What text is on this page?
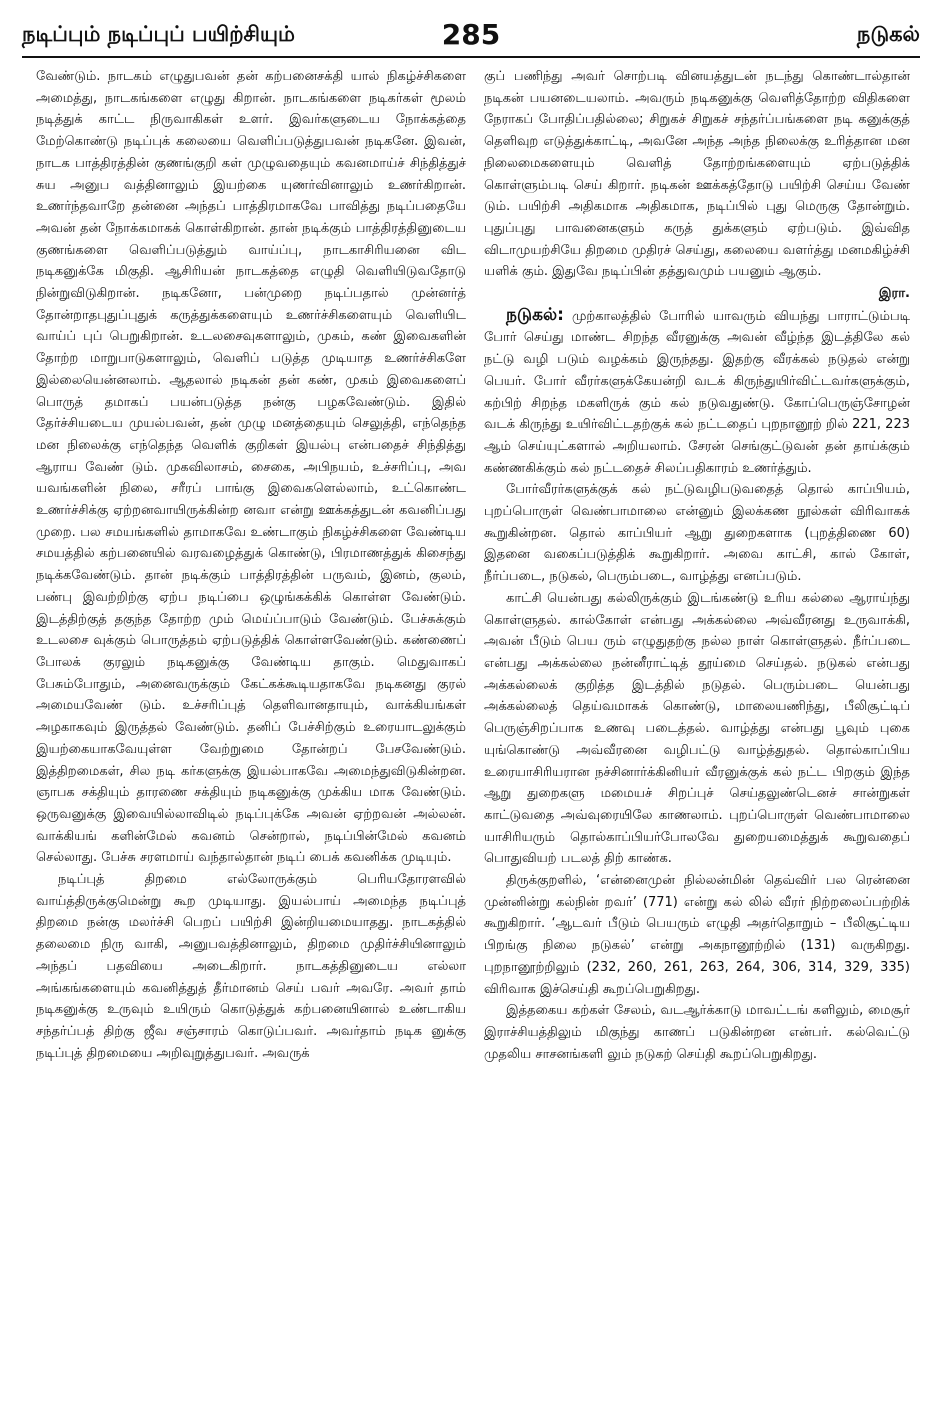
நடிப்பும் நடிப்புப் பயிற்சியும்	285	நடுகல்

வேண்டும். நாடகம் எழுதுபவன் தன் கற்பனைசக்தி யால் நிகழ்ச்சிகளை அமைத்து, நாடகங்களை எழுது கிறான். நாடகங்களை நடிகர்கள் மூலம் நடித்துக் காட்ட நிருவாகிகள் உளர். இவர்களுடைய நோக்கத்தை மேற்கொண்டு நடிப்புக் கலையை வெளிப்படுத்துபவன் நடிகனே. இவன், நாடக பாத்திரத்தின் குணங்குறி கள் முழுவதையும் கவனமாய்ச் சிந்தித்துச் சுய அனுப வத்தினாலும் இயற்கை யுணர்வினாலும் உணர்கிறான். உணர்ந்தவாறே தன்னை அந்தப் பாத்திரமாகவே பாவித்து நடிப்பதையே அவன் தன் நோக்கமாகக் கொள்கிறான். தான் நடிக்கும் பாத்திரத்தினுடைய குணங்களை வெளிப்படுத்தும் வாய்ப்பு, நாடகாசிரியனை விட நடிகனுக்கே மிகுதி. ஆசிரியன் நாடகத்தை எழுதி வெளியிடுவதோடு நின்றுவிடுகிறான். நடிகனோ, பன்முறை நடிப்பதால் முன்னர்த் தோன்றாதபுதுப்புதுக் கருத்துக்களையும் உணர்ச்சிகளையும் வெளியிட வாய்ப் புப் பெறுகிறான். உடலசைவுகளாலும், முகம், கண் இவைகளின் தோற்ற மாறுபாடுகளாலும், வெளிப் படுத்த முடியாத உணர்ச்சிகளே இல்லையென்னலாம். ஆதலால் நடிகன் தன் கண், முகம் இவைகளைப் பொருத் தமாகப் பயன்படுத்த நன்கு பழகவேண்டும். இதில் தேர்ச்சியடைய முயல்பவன், தன் முழு மனத்தையும் செலுத்தி, எந்தெந்த மன நிலைக்கு எந்தெந்த வெளிக் குறிகள் இயல்பு என்பதைச் சிந்தித்து ஆராய வேண் டும். முகவிலாசம், சைகை, அபிநயம், உச்சரிப்பு, அவ யவங்களின் நிலை, சரீரப் பாங்கு இவைகளெல்லாம், உட்கொண்ட உணர்ச்சிக்கு ஏற்றனவாயிருக்கின்ற னவா என்று ஊக்கத்துடன் கவனிப்பது முறை. பல சமயங்களில் தாமாகவே உண்டாகும் நிகழ்ச்சிகளை வேண்டிய சமயத்தில் கற்பனையில் வரவழைத்துக் கொண்டு, பிரமாணத்துக் கிசைந்து நடிக்கவேண்டும். தான் நடிக்கும் பாத்திரத்தின் பருவம், இனம், குலம், பண்பு இவற்றிற்கு ஏற்ப நடிப்பை ஒழுங்கக்கிக் கொள்ள வேண்டும். இடத்திற்குத் தகுந்த தோற்ற மும் மெய்ப்பாடும் வேண்டும். பேச்சுக்கும் உடலசை வுக்கும் பொருத்தம் ஏற்படுத்திக் கொள்ளவேண்டும். கண்ணைப் போலக் குரலும் நடிகனுக்கு வேண்டிய தாகும். மெதுவாகப் பேசும்போதும், அனைவருக்கும் கேட்கக்கூடியதாகவே நடிகனது குரல் அமையவேண் டும். உச்சரிப்புத் தெளிவானதாயும், வாக்கியங்கள் அழகாகவும் இருத்தல் வேண்டும். தனிப் பேச்சிற்கும் உரையாடலுக்கும் இயற்கையாகவேயுள்ள வேற்றுமை தோன்றப் பேசவேண்டும். இத்திறமைகள், சில நடி கர்களுக்கு இயல்பாகவே அமைந்துவிடுகின்றன. ஞாபக சக்தியும் தாரணை சக்தியும் நடிகனுக்கு முக்கிய மாக வேண்டும். ஒருவனுக்கு இவையில்லாவிடில் நடிப்புக்கே அவன் ஏற்றவன் அல்லன். வாக்கியங் களின்மேல் கவனம் சென்றால், நடிப்பின்மேல் கவனம் செல்லாது. பேச்சு சரளமாய் வந்தால்தான் நடிப் பைக் கவனிக்க முடியும்.

நடிப்புத் திறமை எல்லோருக்கும் பெரியதோரளவில் வாய்த்திருக்குமென்று கூற முடியாது. இயல்பாய் அமைந்த நடிப்புத் திறமை நன்கு மலர்ச்சி பெறப் பயிற்சி இன்றியமையாதது. நாடகத்தில் தலைமை நிரு வாகி, அனுபவத்தினாலும், திறமை முதிர்ச்சியினாலும் அந்தப் பதவியை அடைகிறார். நாடகத்தினுடைய எல்லா அங்கங்களையும் கவனித்துத் தீர்மானம் செய் பவர் அவரே. அவர் தாம் நடிகனுக்கு உருவும் உயிரும் கொடுத்துக் கற்பனையினால் உண்டாகிய சந்தர்ப்பத் திற்கு ஜீவ சஞ்சாரம் கொடுப்பவர். அவர்தாம் நடிக னுக்கு நடிப்புத் திறமையை அறிவுறுத்துபவர். அவருக்

குப் பணிந்து அவர் சொற்படி வினயத்துடன் நடந்து கொண்டால்தான் நடிகன் பயனடையலாம். அவரும் நடிகனுக்கு வெளித்தோற்ற விதிகளை நேராகப் போதிப்பதில்லை; சிறுகச் சிறுகச் சந்தர்ப்பங்களை நடி கனுக்குத் தெளிவுற எடுத்துக்காட்டி, அவனே அந்த அந்த நிலைக்கு உரித்தான மன நிலைமைகளையும் வெளித் தோற்றங்களையும் ஏற்படுத்திக் கொள்ளும்படி செய் கிறார். நடிகன் ஊக்கத்தோடு பயிற்சி செய்ய வேண் டும். பயிற்சி அதிகமாக அதிகமாக, நடிப்பில் புது மெருகு தோன்றும். புதுப்புது பாவனைகளும் கருத் துக்களும் ஏற்படும். இவ்வித விடாமுயற்சியே திறமை முதிரச் செய்து, கலையை வளர்த்து மனமகிழ்ச்சி யளிக் கும். இதுவே நடிப்பின் தத்துவமும் பயனும் ஆகும்.

இரா.

நடுகல்: முற்காலத்தில் போரில் யாவரும் வியந்து பாராட்டும்படி போர் செய்து மாண்ட சிறந்த வீரனுக்கு அவன் வீழ்ந்த இடத்திலே கல் நட்டு வழி படும் வழக்கம் இருந்தது. இதற்கு வீரக்கல் நடுதல் என்று பெயர். போர் வீரர்களுக்கேயன்றி வடக் கிருந்துயிர்விட்டவர்களுக்கும், கற்பிற் சிறந்த மகளிருக் கும் கல் நடுவதுண்டு. கோப்பெருஞ்சோழன் வடக் கிருந்து உயிர்விட்டதற்குக் கல் நட்டதைப் புறநானூற் றில் 221, 223 ஆம் செய்யுட்களால் அறியலாம். சேரன் செங்குட்டுவன் தன் தாய்க்கும் கண்ணகிக்கும் கல் நட்டதைச் சிலப்பதிகாரம் உணர்த்தும்.

போர்வீரர்களுக்குக் கல் நட்டுவழிபடுவதைத் தொல் காப்பியம், புறப்பொருள் வெண்பாமாலை என்னும் இலக்கண நூல்கள் விரிவாகக் கூறுகின்றன. தொல் காப்பியர் ஆறு துறைகளாக (புறத்திணை 60) இதனை வகைப்படுத்திக் கூறுகிறார். அவை காட்சி, கால் கோள், நீர்ப்படை, நடுகல், பெரும்படை, வாழ்த்து எனப்படும்.

காட்சி யென்பது கல்லிருக்கும் இடங்கண்டு உரிய கல்லை ஆராய்ந்து கொள்ளுதல். கால்கோள் என்பது அக்கல்லை அவ்வீரனது உருவாக்கி, அவன் பீடும் பெய ரும் எழுதுதற்கு நல்ல நாள் கொள்ளுதல். நீர்ப்படை என்பது அக்கல்லை நன்னீராட்டித் தூய்மை செய்தல். நடுகல் என்பது அக்கல்லைக் குறித்த இடத்தில் நடுதல். பெரும்படை யென்பது அக்கல்லைத் தெய்வமாகக் கொண்டு, மாலையணிந்து, பீலிசூட்டிப் பெருஞ்சிறப்பாக உணவு படைத்தல். வாழ்த்து என்பது பூவும் புகை யுங்கொண்டு அவ்வீரனை வழிபட்டு வாழ்த்துதல். தொல்காப்பிய உரையாசிரியரான நச்சினார்க்கினியர் வீரனுக்குக் கல் நட்ட பிறகும் இந்த ஆறு துறைகளு மமையச் சிறப்புச் செய்தலுண்டெனச் சான்றுகள் காட்டுவதை அவ்வுரையிலே காணலாம். புறப்பொருள் வெண்பாமாலை யாசிரியரும் தொல்காப்பியர்போலவே துறையமைத்துக் கூறுவதைப் பொதுவியற் படலத் திற் காண்க.

திருக்குறளில், ‘என்னைமுன் நில்லன்மின் தெவ்விர் பல ரென்னை முன்னின்று கல்நின் றவர்’ (771) என்று கல் லில் வீரர் நிற்றலைப்பற்றிக் கூறுகிறார். ‘ஆடவர் பீடும் பெயரும் எழுதி அதர்தொறும் – பீலிசூட்டிய பிறங்கு நிலை நடுகல்’ என்று அகநானூற்றில் (131) வருகிறது. புறநானூற்றிலும் (232, 260, 261, 263, 264, 306, 314, 329, 335) விரிவாக இச்செய்தி கூறப்பெறுகிறது.

இத்தகைய கற்கள் சேலம், வடஆர்க்காடு மாவட்டங் களிலும், மைசூர் இராச்சியத்திலும் மிகுந்து காணப் படுகின்றன என்பர். கல்வெட்டு முதலிய சாசனங்களி லும் நடுகற் செய்தி கூறப்பெறுகிறது.
